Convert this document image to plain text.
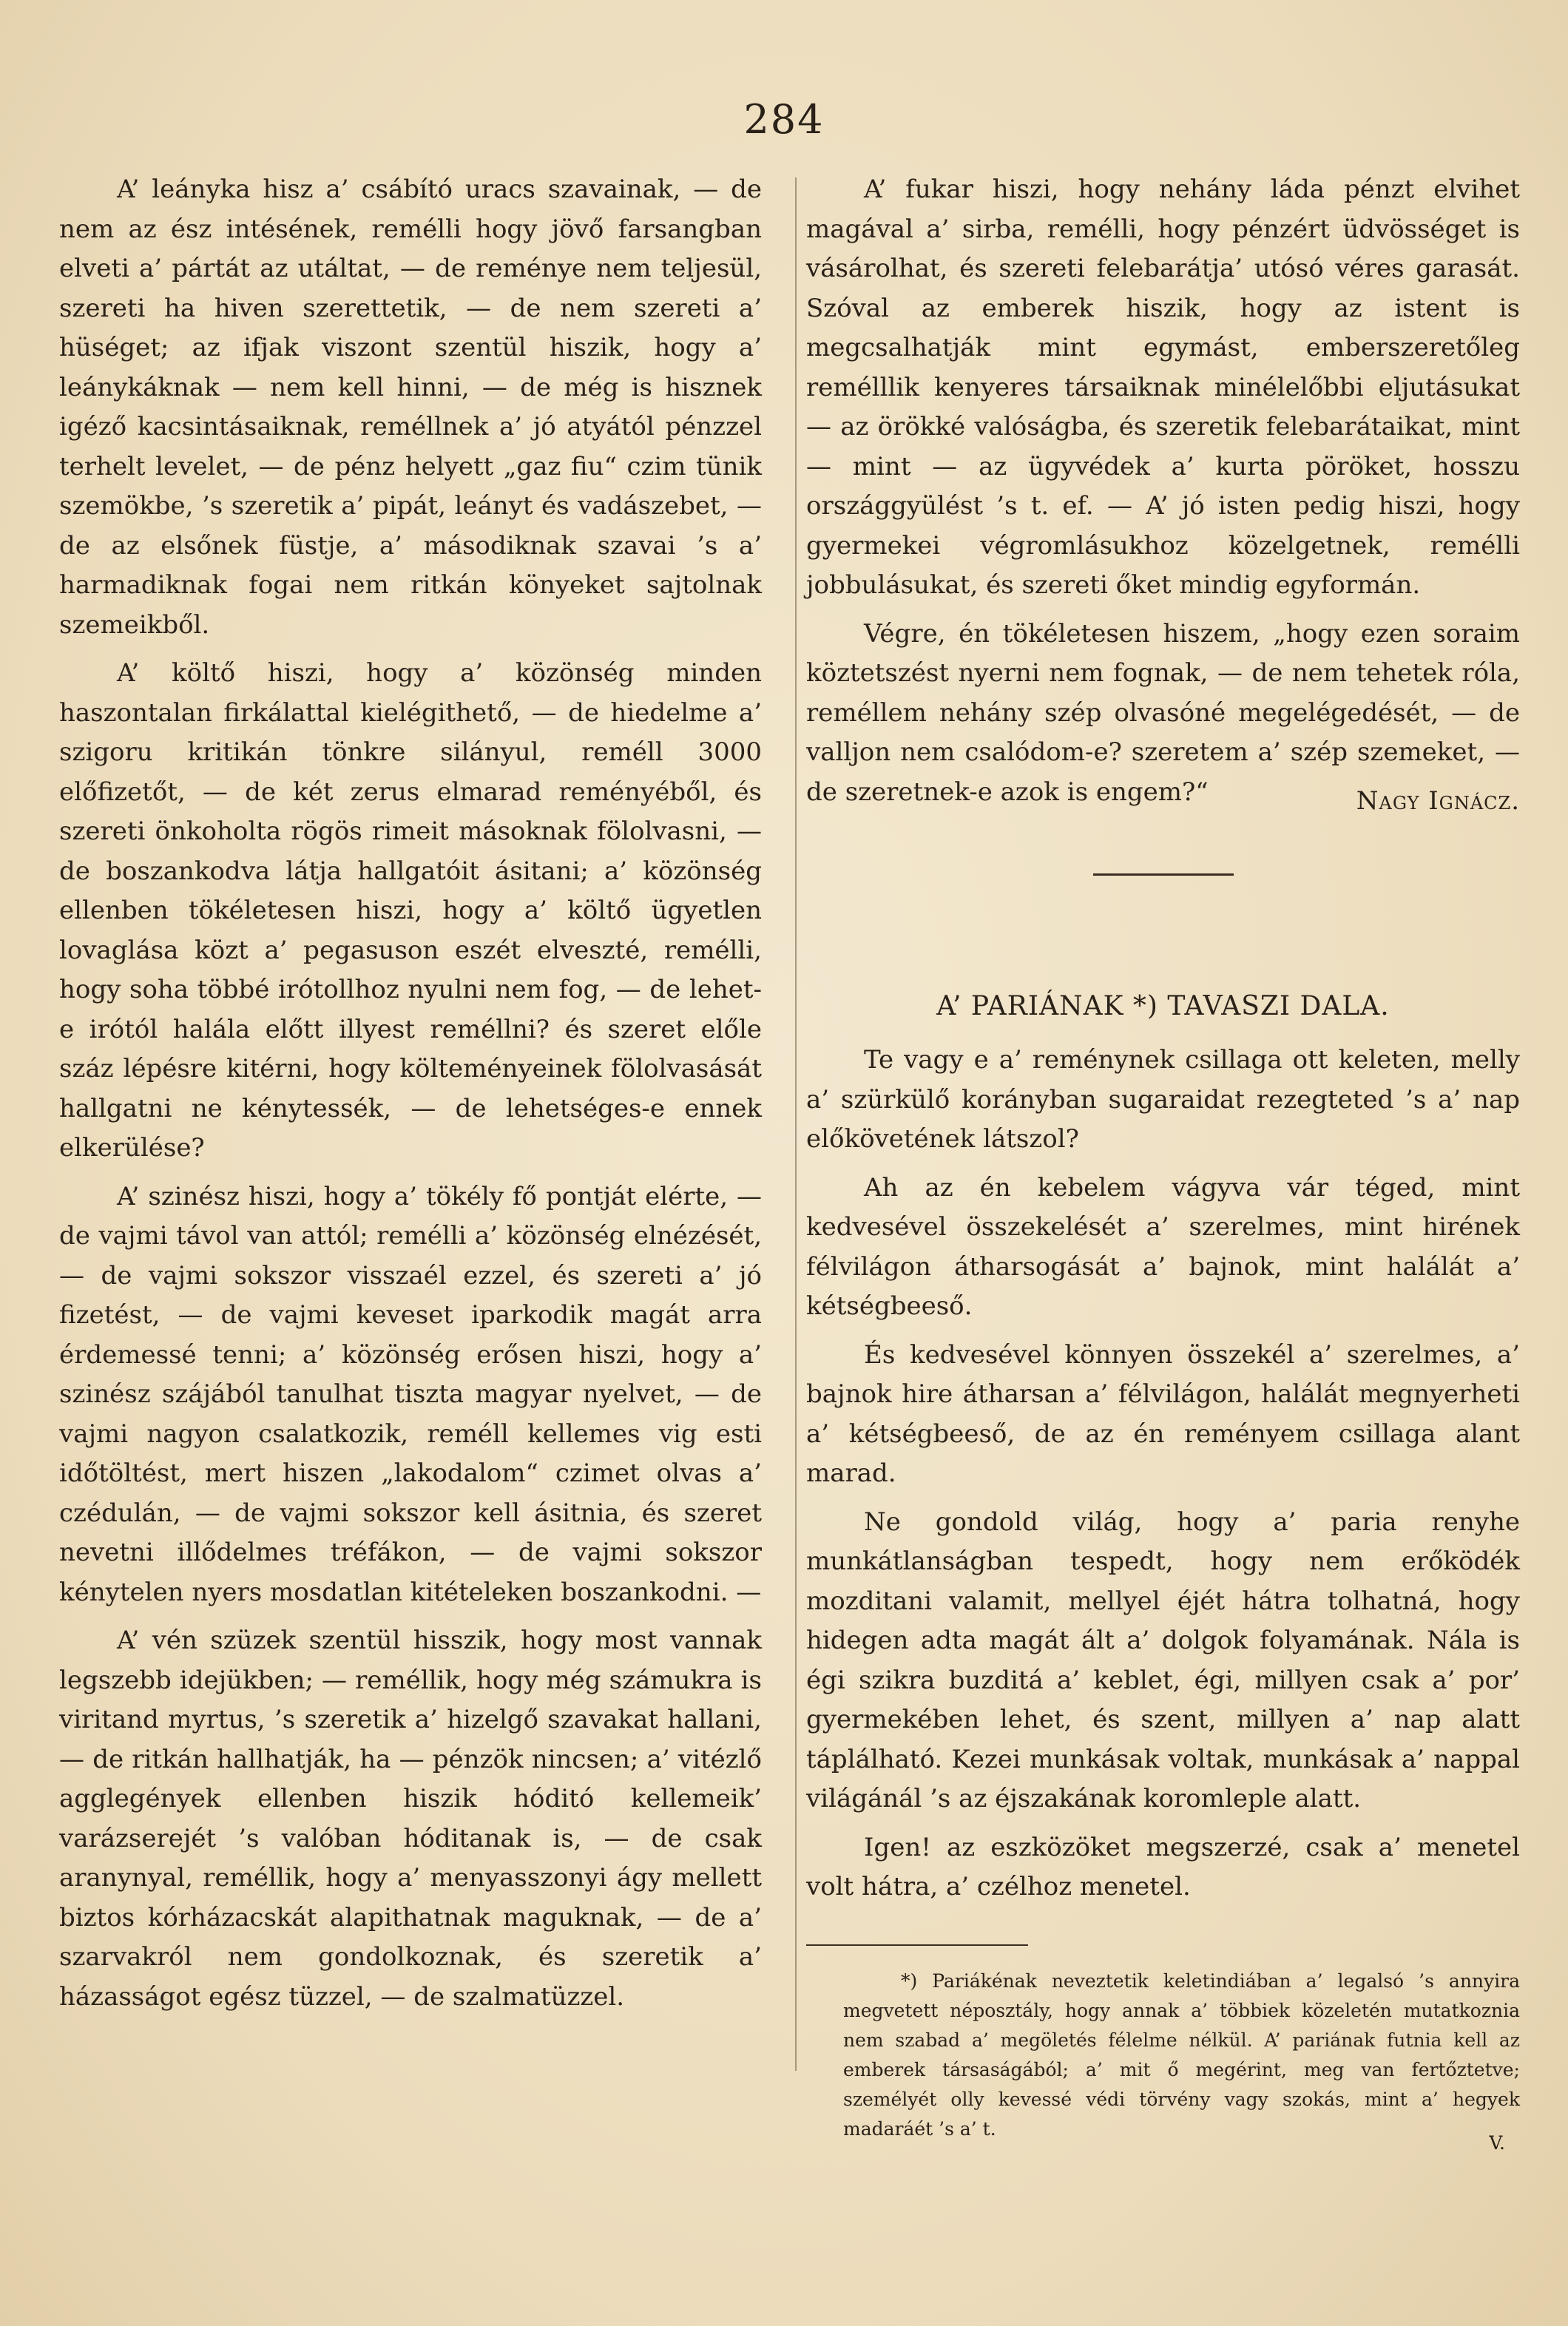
284

A’ leányka hisz a’ csábító uracs szavainak, — de nem az ész intésének, remélli hogy jövő farsangban elveti a’ pártát az utáltat, — de reménye nem teljesül, szereti ha hiven szerettetik, — de nem szereti a’ hüséget; az ifjak viszont szentül hiszik, hogy a’ leánykáknak — nem kell hinni, — de még is hisznek igéző kacsintásaiknak, reméllnek a’ jó atyától pénzzel terhelt levelet, — de pénz helyett „gaz fiu“ czim tünik szemökbe, ’s szeretik a’ pipát, leányt és vadászebet, — de az elsőnek füstje, a’ másodiknak szavai ’s a’ harmadiknak fogai nem ritkán könyeket sajtolnak szemeikből.

A’ költő hiszi, hogy a’ közönség minden haszontalan firkálattal kielégithető, — de hiedelme a’ szigoru kritikán tönkre silányul, reméll 3000 előfizetőt, — de két zerus elmarad reményéből, és szereti önkoholta rögös rimeit másoknak fölolvasni, — de boszankodva látja hallgatóit ásitani; a’ közönség ellenben tökéletesen hiszi, hogy a’ költő ügyetlen lovaglása közt a’ pegasuson eszét elveszté, remélli, hogy soha többé irótollhoz nyulni nem fog, — de lehet-e irótól halála előtt illyest reméllni? és szeret előle száz lépésre kitérni, hogy költeményeinek fölolvasását hallgatni ne kénytessék, — de lehetséges-e ennek elkerülése?

A’ szinész hiszi, hogy a’ tökély fő pontját elérte, — de vajmi távol van attól; remélli a’ közönség elnézését, — de vajmi sokszor visszaél ezzel, és szereti a’ jó fizetést, — de vajmi keveset iparkodik magát arra érdemessé tenni; a’ közönség erősen hiszi, hogy a’ szinész szájából tanulhat tiszta magyar nyelvet, — de vajmi nagyon csalatkozik, reméll kellemes vig esti időtöltést, mert hiszen „lakodalom“ czimet olvas a’ czédulán, — de vajmi sokszor kell ásitnia, és szeret nevetni illődelmes tréfákon, — de vajmi sokszor kénytelen nyers mosdatlan kitételeken boszankodni. —

A’ vén szüzek szentül hisszik, hogy most vannak legszebb idejükben; — reméllik, hogy még számukra is viritand myrtus, ’s szeretik a’ hizelgő szavakat hallani, — de ritkán hallhatják, ha — pénzök nincsen; a’ vitézlő agglegények ellenben hiszik hóditó kellemeik’ varázserejét ’s valóban hóditanak is, — de csak aranynyal, reméllik, hogy a’ menyasszonyi ágy mellett biztos kórházacskát alapithatnak maguknak, — de a’ szarvakról nem gondolkoznak, és szeretik a’ házasságot egész tüzzel, — de szalmatüzzel.

A’ fukar hiszi, hogy nehány láda pénzt elvihet magával a’ sirba, remélli, hogy pénzért üdvösséget is vásárolhat, és szereti felebarátja’ utósó véres garasát. Szóval az emberek hiszik, hogy az istent is megcsalhatják mint egymást, emberszeretőleg remélllik kenyeres társaiknak minélelőbbi eljutásukat — az örökké valóságba, és szeretik felebarátaikat, mint — mint — az ügyvédek a’ kurta pöröket, hosszu országgyülést ’s t. ef. — A’ jó isten pedig hiszi, hogy gyermekei végromlásukhoz közelgetnek, remélli jobbulásukat, és szereti őket mindig egyformán.

Végre, én tökéletesen hiszem, „hogy ezen soraim köztetszést nyerni nem fognak, — de nem tehetek róla, reméllem nehány szép olvasóné megelégedését, — de valljon nem csalódom-e? szeretem a’ szép szemeket, — de szeretnek-e azok is engem?“	Nagy Ignácz.
A’ PARIÁNAK *) TAVASZI DALA.

Te vagy e a’ reménynek csillaga ott keleten, melly a’ szürkülő korányban sugaraidat rezegteted ’s a’ nap előkövetének látszol?

Ah az én kebelem vágyva vár téged, mint kedvesével összekelését a’ szerelmes, mint hirének félvilágon átharsogását a’ bajnok, mint halálát a’ kétségbeeső.

És kedvesével könnyen összekél a’ szerelmes, a’ bajnok hire átharsan a’ félvilágon, halálát megnyerheti a’ kétségbeeső, de az én reményem csillaga alant marad.

Ne gondold világ, hogy a’ paria renyhe munkátlanságban tespedt, hogy nem erőködék mozditani valamit, mellyel éjét hátra tolhatná, hogy hidegen adta magát ált a’ dolgok folyamának. Nála is égi szikra buzditá a’ keblet, égi, millyen csak a’ por’ gyermekében lehet, és szent, millyen a’ nap alatt táplálható. Kezei munkásak voltak, munkásak a’ nappal világánál ’s az éjszakának koromleple alatt.

Igen! az eszközöket megszerzé, csak a’ menetel volt hátra, a’ czélhoz menetel.

*) Pariákénak neveztetik keletindiában a’ legalsó ’s annyira megvetett néposztály, hogy annak a’ többiek közeletén mutatkoznia nem szabad a’ megöletés félelme nélkül. A’ pariának futnia kell az emberek társaságából; a’ mit ő megérint, meg van fertőztetve; személyét olly kevessé védi törvény vagy szokás, mint a’ hegyek madaráét ’s a’ t.

V.
